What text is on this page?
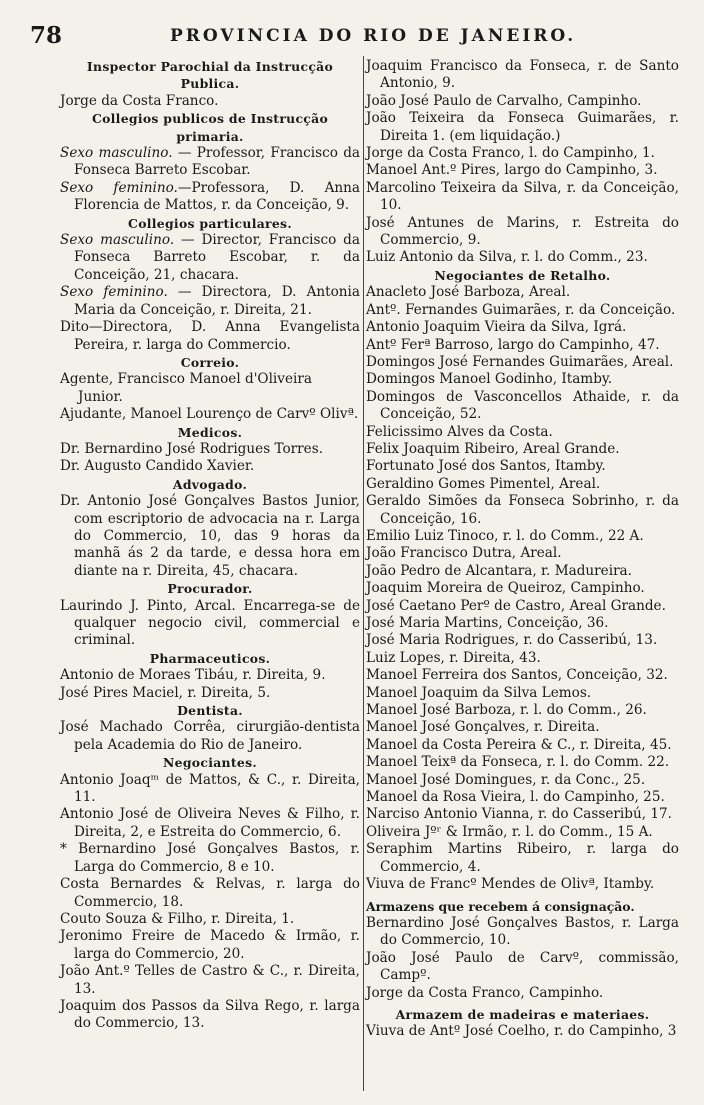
78	PROVINCIA DO RIO DE JANEIRO.
Inspector Parochial da Instrucção Publica.
Jorge da Costa Franco.
Collegios publicos de Instrucção primaria.
Sexo masculino. — Professor, Francisco da Fonseca Barreto Escobar.
Sexo feminino.—Professora, D. Anna Florencia de Mattos, r. da Conceição, 9.
Collegios particulares.
Sexo masculino. — Director, Francisco da Fonseca Barreto Escobar, r. da Conceição, 21, chacara.
Sexo feminino. — Directora, D. Antonia Maria da Conceição, r. Direita, 21.
Dito—Directora, D. Anna Evangelista Pereira, r. larga do Commercio.
Correio.
Agente, Francisco Manoel d'Oliveira Junior.
Ajudante, Manoel Lourenço de Carvº Olivª.
Medicos.
Dr. Bernardino José Rodrigues Torres.
Dr. Augusto Candido Xavier.
Advogado.
Dr. Antonio José Gonçalves Bastos Junior, com escriptorio de advocacia na r. Larga do Commercio, 10, das 9 horas da manhã ás 2 da tarde, e dessa hora em diante na r. Direita, 45, chacara.
Procurador.
Laurindo J. Pinto, Arcal. Encarrega-se de qualquer negocio civil, commercial e criminal.
Pharmaceuticos.
Antonio de Moraes Tibáu, r. Direita, 9.
José Pires Maciel, r. Direita, 5.
Dentista.
José Machado Corrêa, cirurgião-dentista pela Academia do Rio de Janeiro.
Negociantes.
Antonio Joaqᵐ de Mattos, & C., r. Direita, 11.
Antonio José de Oliveira Neves & Filho, r. Direita, 2, e Estreita do Commercio, 6.
* Bernardino José Gonçalves Bastos, r. Larga do Commercio, 8 e 10.
Costa Bernardes & Relvas, r. larga do Commercio, 18.
Couto Souza & Filho, r. Direita, 1.
Jeronimo Freire de Macedo & Irmão, r. larga do Commercio, 20.
João Ant.º Telles de Castro & C., r. Direita, 13.
Joaquim dos Passos da Silva Rego, r. larga do Commercio, 13.
Joaquim Francisco da Fonseca, r. de Santo Antonio, 9.
João José Paulo de Carvalho, Campinho.
João Teixeira da Fonseca Guimarães, r. Direita 1. (em liquidação.)
Jorge da Costa Franco, l. do Campinho, 1.
Manoel Ant.º Pires, largo do Campinho, 3.
Marcolino Teixeira da Silva, r. da Conceição, 10.
José Antunes de Marins, r. Estreita do Commercio, 9.
Luiz Antonio da Silva, r. l. do Comm., 23.
Negociantes de Retalho.
Anacleto José Barboza, Areal.
Antº. Fernandes Guimarães, r. da Conceição.
Antonio Joaquim Vieira da Silva, Igrá.
Antº Ferª Barroso, largo do Campinho, 47.
Domingos José Fernandes Guimarães, Areal.
Domingos Manoel Godinho, Itamby.
Domingos de Vasconcellos Athaide, r. da Conceição, 52.
Felicissimo Alves da Costa.
Felix Joaquim Ribeiro, Areal Grande.
Fortunato José dos Santos, Itamby.
Geraldino Gomes Pimentel, Areal.
Geraldo Simões da Fonseca Sobrinho, r. da Conceição, 16.
Emilio Luiz Tinoco, r. l. do Comm., 22 A.
João Francisco Dutra, Areal.
João Pedro de Alcantara, r. Madureira.
Joaquim Moreira de Queiroz, Campinho.
José Caetano Perº de Castro, Areal Grande.
José Maria Martins, Conceição, 36.
José Maria Rodrigues, r. do Casseribú, 13.
Luiz Lopes, r. Direita, 43.
Manoel Ferreira dos Santos, Conceição, 32.
Manoel Joaquim da Silva Lemos.
Manoel José Barboza, r. l. do Comm., 26.
Manoel José Gonçalves, r. Direita.
Manoel da Costa Pereira & C., r. Direita, 45.
Manoel Teixª da Fonseca, r. l. do Comm. 22.
Manoel José Domingues, r. da Conc., 25.
Manoel da Rosa Vieira, l. do Campinho, 25.
Narciso Antonio Vianna, r. do Casseribú, 17.
Oliveira Jºʳ & Irmão, r. l. do Comm., 15 A.
Seraphim Martins Ribeiro, r. larga do Commercio, 4.
Viuva de Francº Mendes de Olivª, Itamby.
Armazens que recebem á consignação.
Bernardino José Gonçalves Bastos, r. Larga do Commercio, 10.
João José Paulo de Carvº, commissão, Campº.
Jorge da Costa Franco, Campinho.
Armazem de madeiras e materiaes.
Viuva de Antº José Coelho, r. do Campinho, 3
